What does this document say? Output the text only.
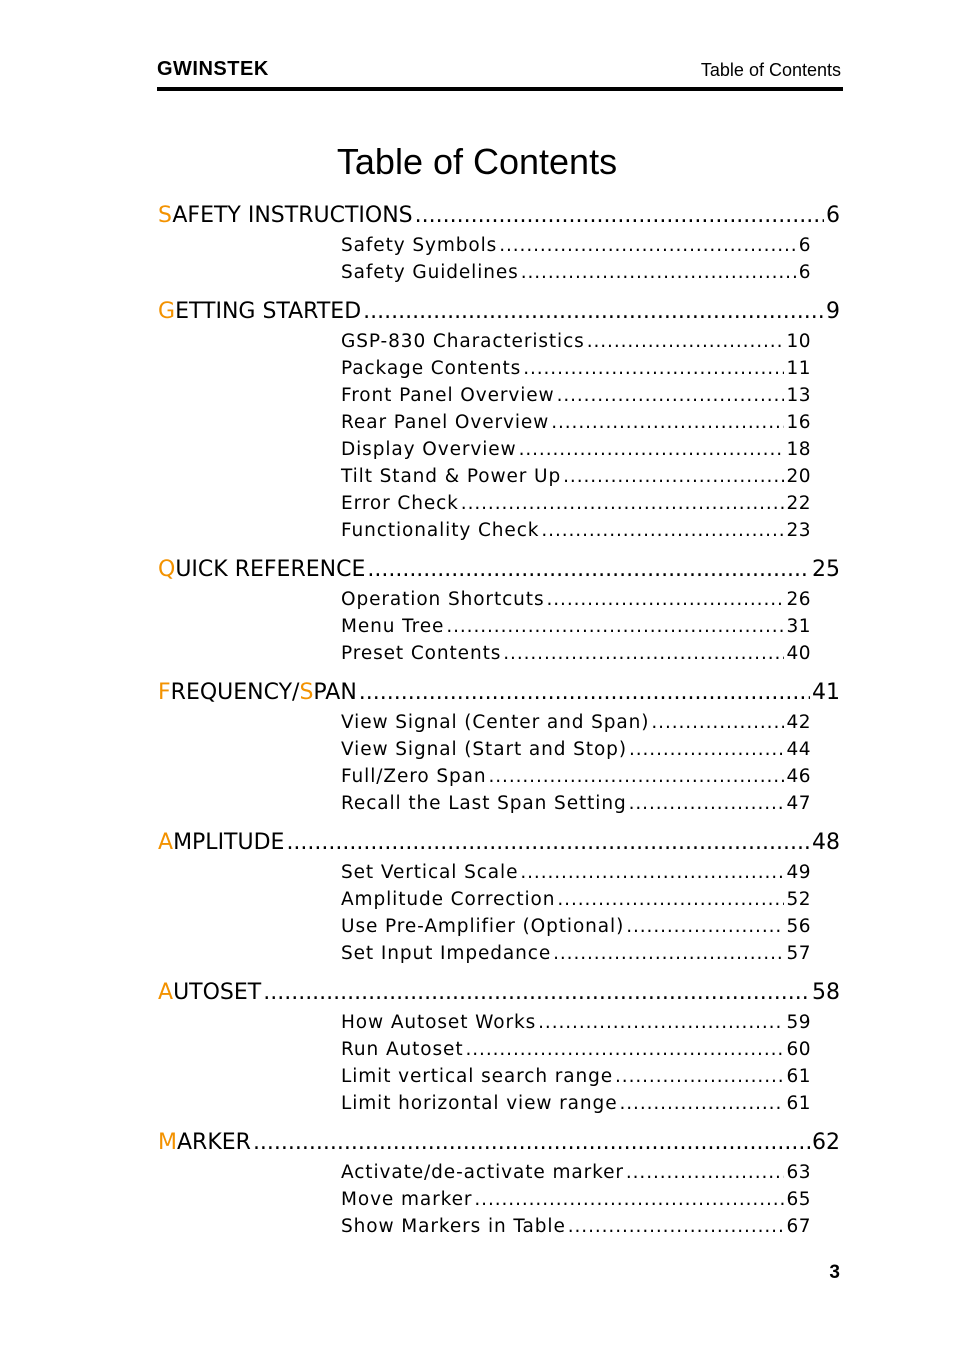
GWINSTEK	Table of Contents
Table of Contents
SAFETY INSTRUCTIONS .....	6
Safety Symbols .....	6
Safety Guidelines .....	6
GETTING STARTED .....	9
GSP-830 Characteristics .....	10
Package Contents .....	11
Front Panel Overview .....	13
Rear Panel Overview .....	16
Display Overview .....	18
Tilt Stand & Power Up .....	20
Error Check .....	22
Functionality Check .....	23
QUICK REFERENCE .....	25
Operation Shortcuts .....	26
Menu Tree .....	31
Preset Contents .....	40
FREQUENCY/SPAN .....	41
View Signal (Center and Span) .....	42
View Signal (Start and Stop) .....	44
Full/Zero Span .....	46
Recall the Last Span Setting .....	47
AMPLITUDE .....	48
Set Vertical Scale .....	49
Amplitude Correction .....	52
Use Pre-Amplifier (Optional) .....	56
Set Input Impedance .....	57
AUTOSET .....	58
How Autoset Works .....	59
Run Autoset .....	60
Limit vertical search range .....	61
Limit horizontal view range .....	61
MARKER .....	62
Activate/de-activate marker .....	63
Move marker .....	65
Show Markers in Table .....	67
3
